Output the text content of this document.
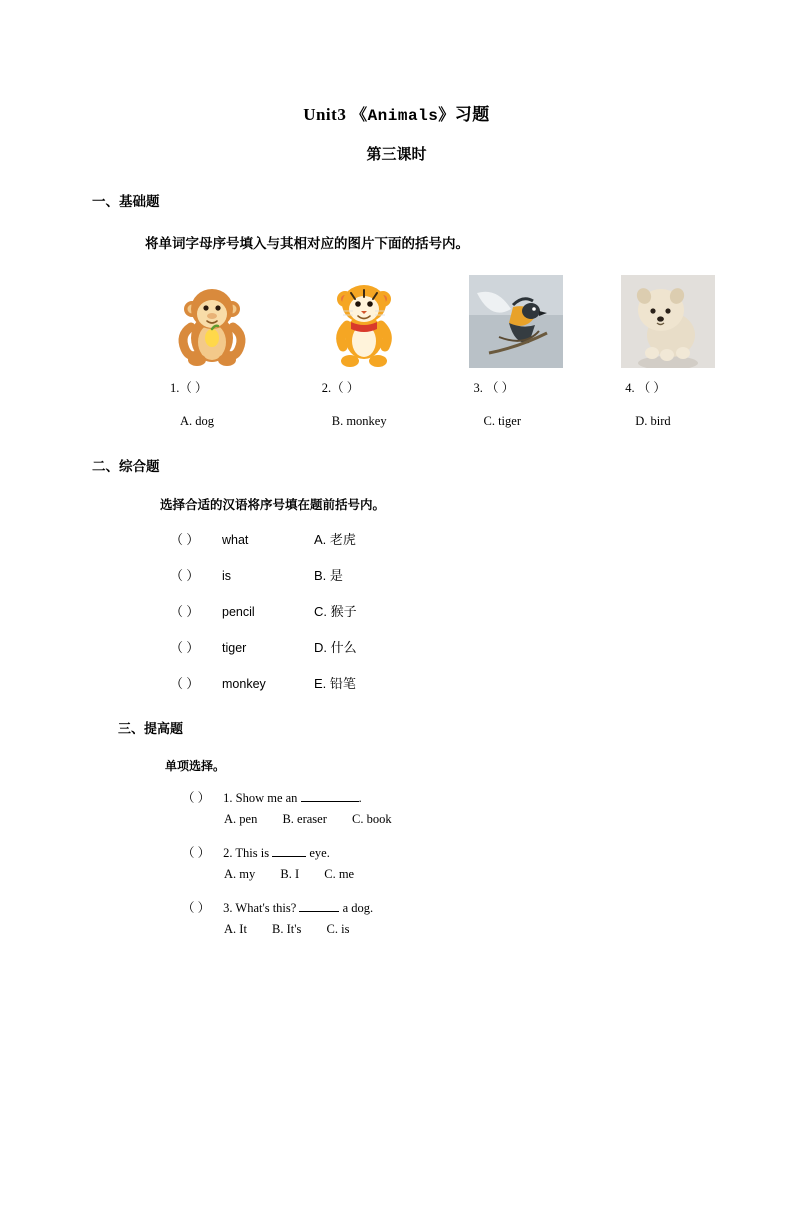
Unit3 《Animals》习题
第三课时
一、基础题
将单词字母序号填入与其相对应的图片下面的括号内。
1.（ ）	2.（ ）	3. （ ）	4. （ ）
A. dog	B. monkey	C. tiger	D. bird
二、综合题
选择合适的汉语将序号填在题前括号内。
（ ）	what	A. 老虎
（ ）	is	B. 是
（ ）	pencil	C. 猴子
（ ）	tiger	D. 什么
（ ）	monkey	E. 铅笔
三、提高题
单项选择。
（ ） 1. Show me an	.
A. pen B. eraser C. book
（ ） 2. This is	eye.
A. my B. I C. me
（ ） 3. What's this?	a dog.
A. It B. It's C. is
